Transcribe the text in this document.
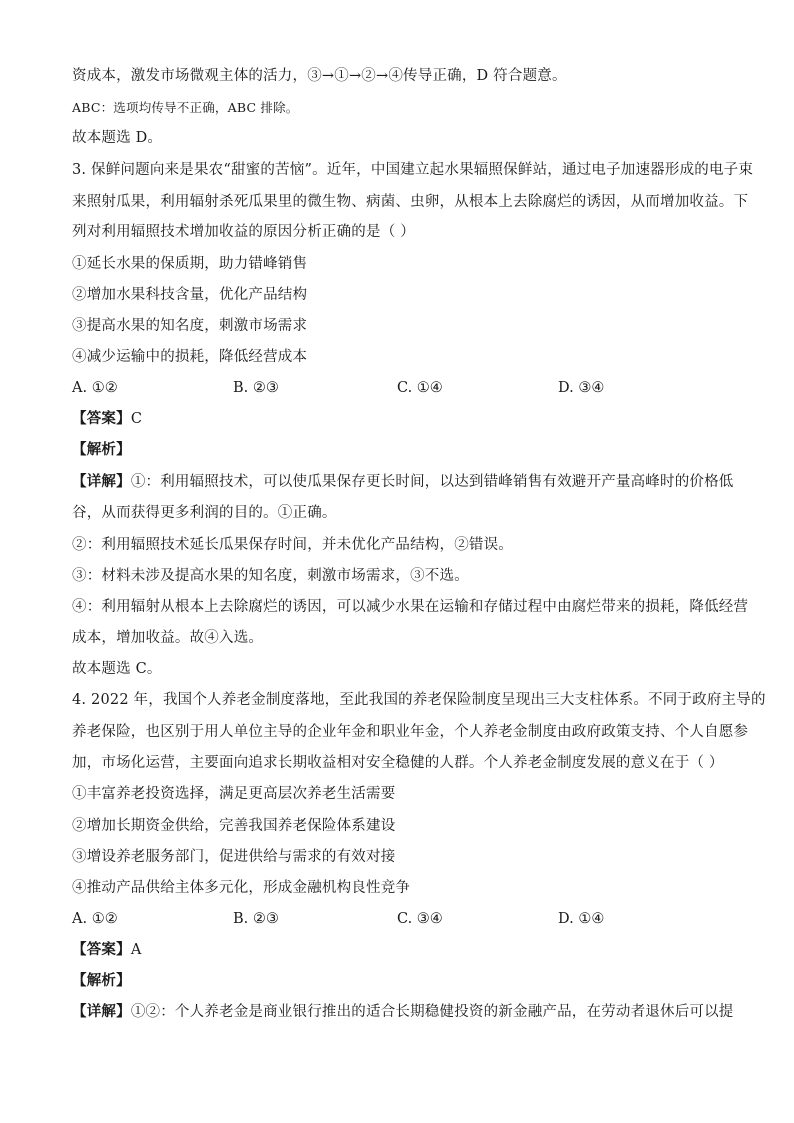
资成本，激发市场微观主体的活力，③→①→②→④传导正确，D 符合题意。
ABC：选项均传导不正确，ABC 排除。
故本题选 D。
3. 保鲜问题向来是果农“甜蜜的苦恼”。近年，中国建立起水果辐照保鲜站，通过电子加速器形成的电子束
来照射瓜果，利用辐射杀死瓜果里的微生物、病菌、虫卵，从根本上去除腐烂的诱因，从而增加收益。下
列对利用辐照技术增加收益的原因分析正确的是（ ）
①延长水果的保质期，助力错峰销售
②增加水果科技含量，优化产品结构
③提高水果的知名度，刺激市场需求
④减少运输中的损耗，降低经营成本
A. ①②	B. ②③	C. ①④	D. ③④
【答案】C
【解析】
【详解】①：利用辐照技术，可以使瓜果保存更长时间，以达到错峰销售有效避开产量高峰时的价格低
谷，从而获得更多利润的目的。①正确。
②：利用辐照技术延长瓜果保存时间，并未优化产品结构，②错误。
③：材料未涉及提高水果的知名度，刺激市场需求，③不选。
④：利用辐射从根本上去除腐烂的诱因，可以减少水果在运输和存储过程中由腐烂带来的损耗，降低经营
成本，增加收益。故④入选。
故本题选 C。
4. 2022 年，我国个人养老金制度落地，至此我国的养老保险制度呈现出三大支柱体系。不同于政府主导的
养老保险，也区别于用人单位主导的企业年金和职业年金，个人养老金制度由政府政策支持、个人自愿参
加，市场化运营，主要面向追求长期收益相对安全稳健的人群。个人养老金制度发展的意义在于（ ）
①丰富养老投资选择，满足更高层次养老生活需要
②增加长期资金供给，完善我国养老保险体系建设
③增设养老服务部门，促进供给与需求的有效对接
④推动产品供给主体多元化，形成金融机构良性竞争
A. ①②	B. ②③	C. ③④	D. ①④
【答案】A
【解析】
【详解】①②：个人养老金是商业银行推出的适合长期稳健投资的新金融产品，在劳动者退休后可以提
